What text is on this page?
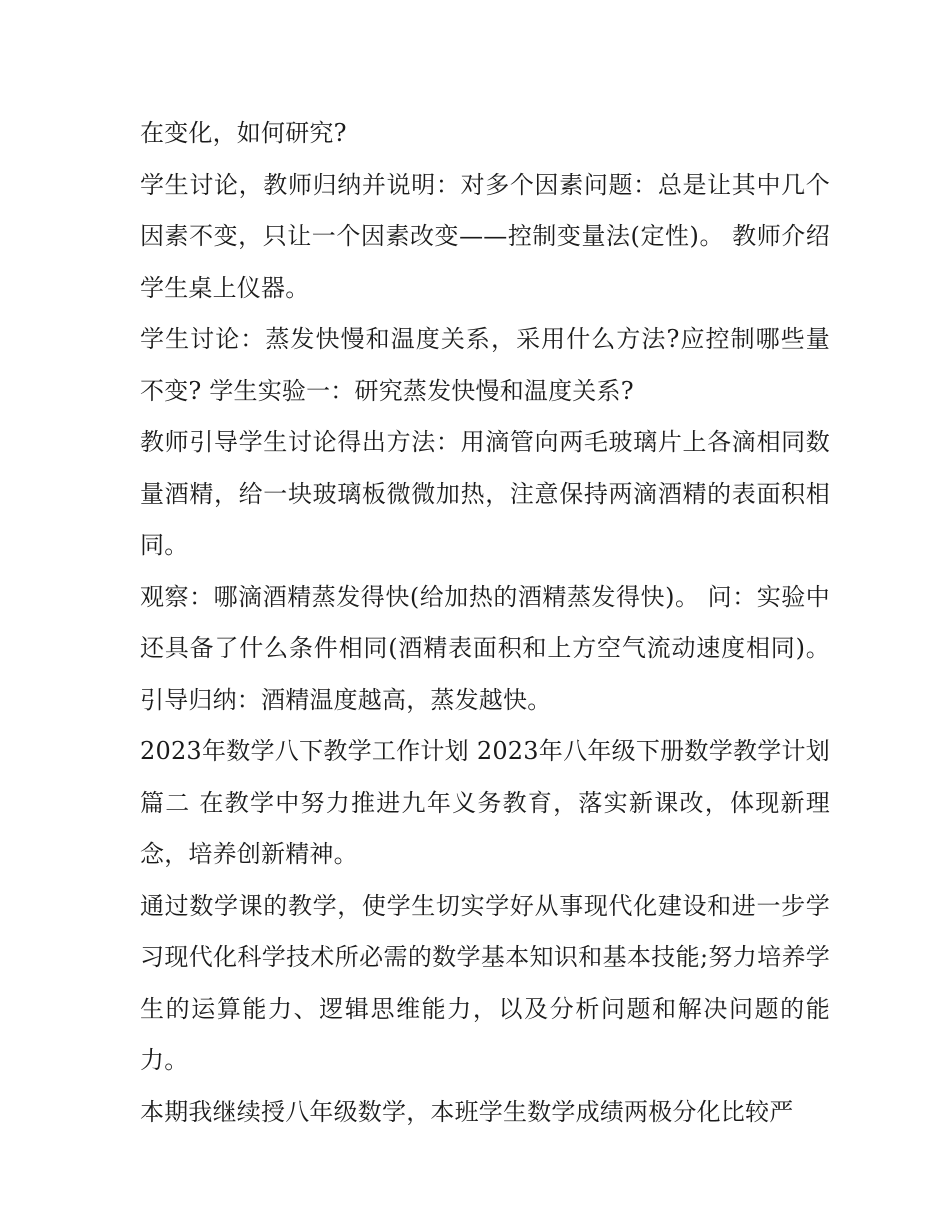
在变化，如何研究?

学生讨论，教师归纳并说明：对多个因素问题：总是让其中几个因素不变，只让一个因素改变——控制变量法(定性)。 教师介绍学生桌上仪器。

学生讨论：蒸发快慢和温度关系，采用什么方法?应控制哪些量不变? 学生实验一：研究蒸发快慢和温度关系?

教师引导学生讨论得出方法：用滴管向两毛玻璃片上各滴相同数量酒精，给一块玻璃板微微加热，注意保持两滴酒精的表面积相同。

观察：哪滴酒精蒸发得快(给加热的酒精蒸发得快)。 问：实验中还具备了什么条件相同(酒精表面积和上方空气流动速度相同)。 引导归纳：酒精温度越高，蒸发越快。

2023年数学八下教学工作计划 2023年八年级下册数学教学计划篇二 在教学中努力推进九年义务教育，落实新课改，体现新理念，培养创新精神。

通过数学课的教学，使学生切实学好从事现代化建设和进一步学习现代化科学技术所必需的数学基本知识和基本技能;努力培养学生的运算能力、逻辑思维能力，以及分析问题和解决问题的能力。

本期我继续授八年级数学，本班学生数学成绩两极分化比较严
